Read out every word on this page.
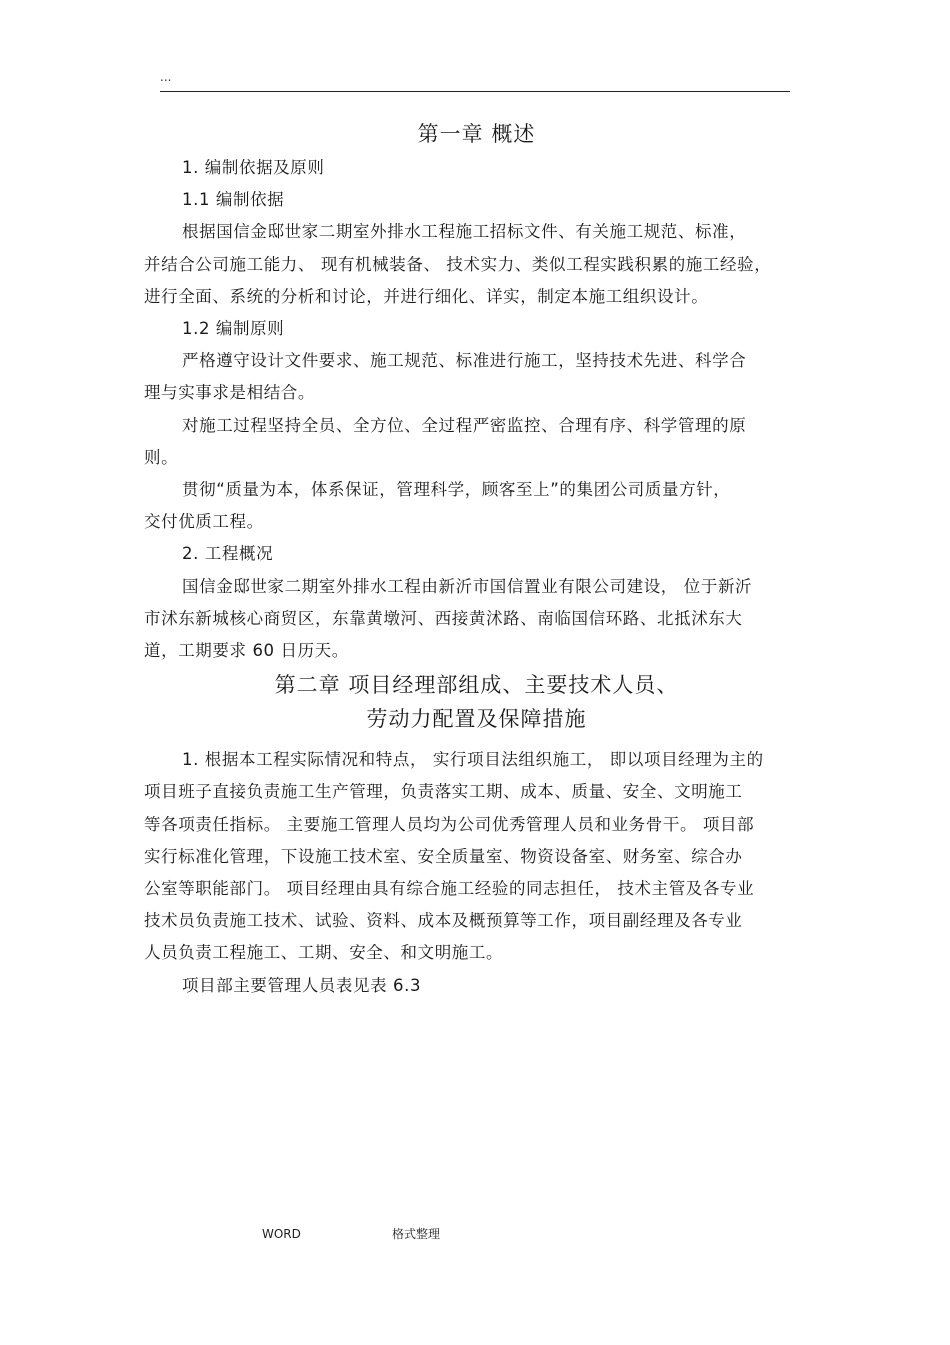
...
第一章 概述
1. 编制依据及原则
1.1 编制依据
根据国信金邸世家二期室外排水工程施工招标文件、有关施工规范、标准，
并结合公司施工能力、 现有机械装备、 技术实力、类似工程实践积累的施工经验，
进行全面、系统的分析和讨论，并进行细化、详实，制定本施工组织设计。
1.2 编制原则
严格遵守设计文件要求、施工规范、标准进行施工，坚持技术先进、科学合
理与实事求是相结合。
对施工过程坚持全员、全方位、全过程严密监控、合理有序、科学管理的原
则。
贯彻“质量为本，体系保证，管理科学，顾客至上”的集团公司质量方针，
交付优质工程。
2. 工程概况
国信金邸世家二期室外排水工程由新沂市国信置业有限公司建设， 位于新沂
市沭东新城核心商贸区，东靠黄墩河、西接黄沭路、南临国信环路、北抵沭东大
道，工期要求 60 日历天。
第二章 项目经理部组成、主要技术人员、
劳动力配置及保障措施
1. 根据本工程实际情况和特点， 实行项目法组织施工， 即以项目经理为主的
项目班子直接负责施工生产管理，负责落实工期、成本、质量、安全、文明施工
等各项责任指标。 主要施工管理人员均为公司优秀管理人员和业务骨干。 项目部
实行标准化管理，下设施工技术室、安全质量室、物资设备室、财务室、综合办
公室等职能部门。 项目经理由具有综合施工经验的同志担任， 技术主管及各专业
技术员负责施工技术、试验、资料、成本及概预算等工作，项目副经理及各专业
人员负责工程施工、工期、安全、和文明施工。
项目部主要管理人员表见表 6.3
WORD	格式整理
